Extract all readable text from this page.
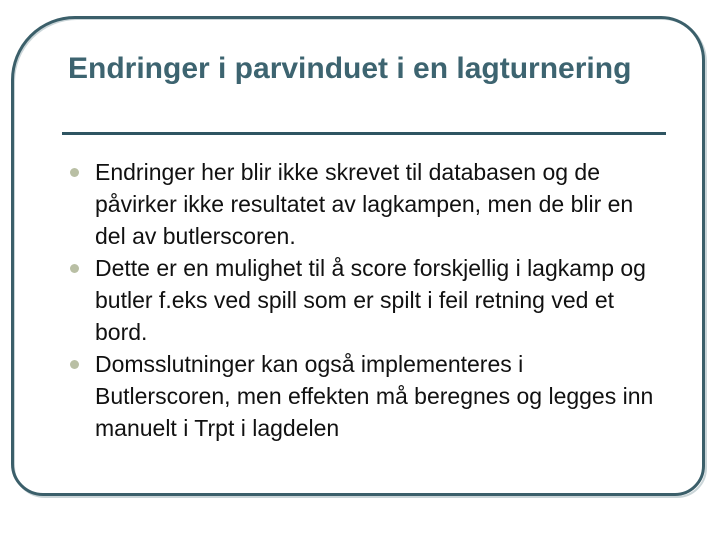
Endringer i parvinduet i en lagturnering
Endringer her blir ikke skrevet til databasen og de påvirker ikke resultatet av lagkampen, men de blir en del av butlerscoren.
Dette er en mulighet til å score forskjellig i lagkamp og butler f.eks ved spill som er spilt i feil retning ved et bord.
Domsslutninger kan også implementeres i Butlerscoren, men effekten må beregnes og legges inn manuelt i Trpt i lagdelen
